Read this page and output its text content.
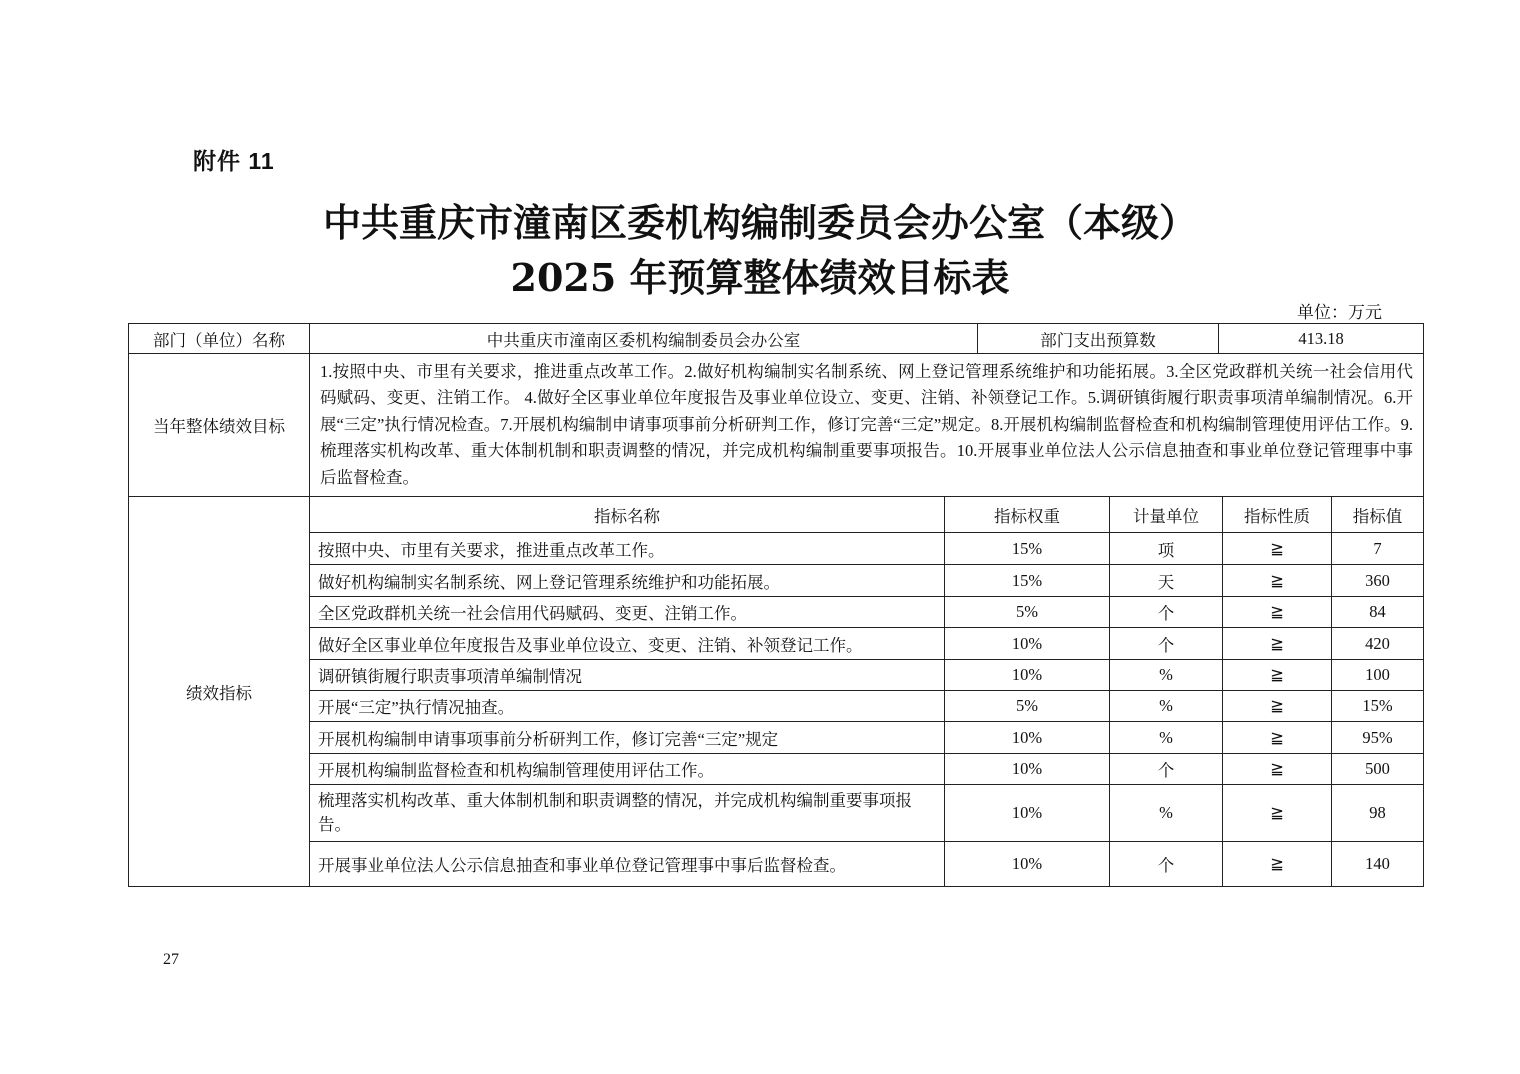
附件 11
中共重庆市潼南区委机构编制委员会办公室（本级）
2025 年预算整体绩效目标表
单位：万元
部门（单位）名称	中共重庆市潼南区委机构编制委员会办公室		部门支出预算数		413.18		
当年整体绩效目标	1.按照中央、市里有关要求，推进重点改革工作。2.做好机构编制实名制系统、网上登记管理系统维护和功能拓展。3.全区党政群机关统一社会信用代码赋码、变更、注销工作。 4.做好全区事业单位年度报告及事业单位设立、变更、注销、补领登记工作。5.调研镇街履行职责事项清单编制情况。6.开展“三定”执行情况检查。7.开展机构编制申请事项事前分析研判工作，修订完善“三定”规定。8.开展机构编制监督检查和机构编制管理使用评估工作。9.梳理落实机构改革、重大体制机制和职责调整的情况，并完成机构编制重要事项报告。10.开展事业单位法人公示信息抽查和事业单位登记管理事中事后监督检查。						
绩效指标	指标名称	指标权重		计量单位		指标性质	指标值
	按照中央、市里有关要求，推进重点改革工作。	15%		项		≧	7
	做好机构编制实名制系统、网上登记管理系统维护和功能拓展。	15%		天		≧	360
	全区党政群机关统一社会信用代码赋码、变更、注销工作。	5%		个		≧	84
	做好全区事业单位年度报告及事业单位设立、变更、注销、补领登记工作。	10%		个		≧	420
	调研镇街履行职责事项清单编制情况	10%		%		≧	100
	开展“三定”执行情况抽查。	5%		%		≧	15%
	开展机构编制申请事项事前分析研判工作，修订完善“三定”规定	10%		%		≧	95%
	开展机构编制监督检查和机构编制管理使用评估工作。	10%		个		≧	500
	梳理落实机构改革、重大体制机制和职责调整的情况，并完成机构编制重要事项报告。	10%		%		≧	98
	开展事业单位法人公示信息抽查和事业单位登记管理事中事后监督检查。	10%		个		≧	140
27
